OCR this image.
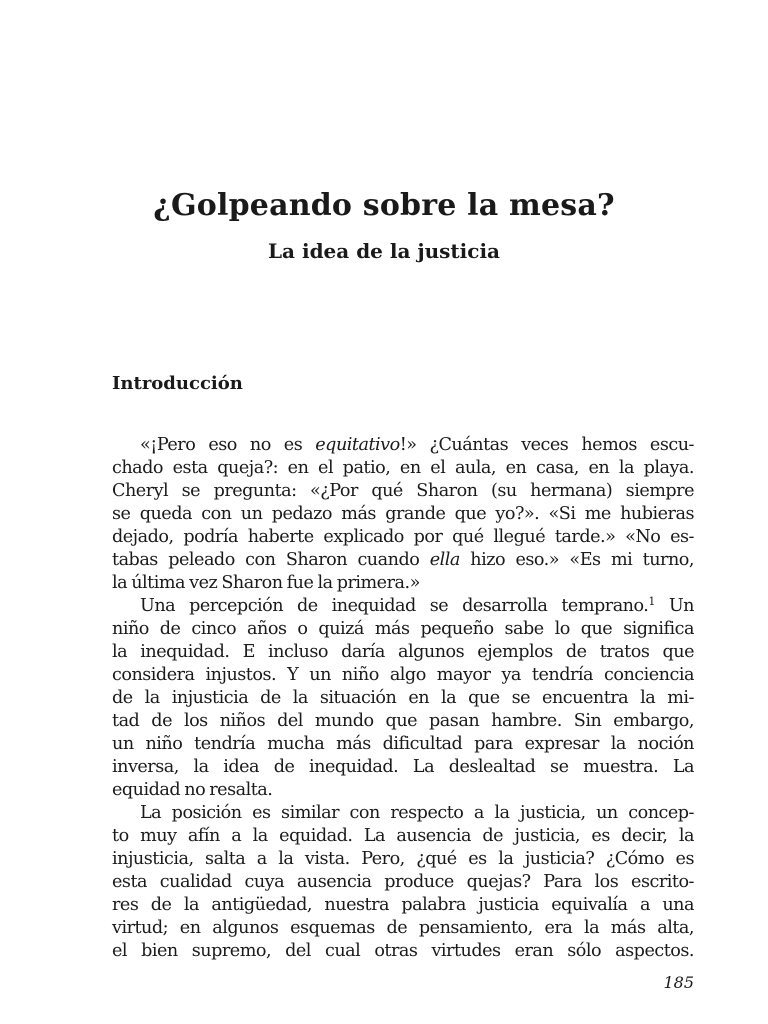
¿Golpeando sobre la mesa?
La idea de la justicia
Introducción
«¡Pero eso no es equitativo!» ¿Cuántas veces hemos escu-
chado esta queja?: en el patio, en el aula, en casa, en la playa.
Cheryl se pregunta: «¿Por qué Sharon (su hermana) siempre
se queda con un pedazo más grande que yo?». «Si me hubieras
dejado, podría haberte explicado por qué llegué tarde.» «No es-
tabas peleado con Sharon cuando ella hizo eso.» «Es mi turno,
la última vez Sharon fue la primera.»
Una percepción de inequidad se desarrolla temprano.$^1$ Un
niño de cinco años o quizá más pequeño sabe lo que significa
la inequidad. E incluso daría algunos ejemplos de tratos que
considera injustos. Y un niño algo mayor ya tendría conciencia
de la injusticia de la situación en la que se encuentra la mi-
tad de los niños del mundo que pasan hambre. Sin embargo,
un niño tendría mucha más dificultad para expresar la noción
inversa, la idea de inequidad. La deslealtad se muestra. La
equidad no resalta.
La posición es similar con respecto a la justicia, un concep-
to muy afín a la equidad. La ausencia de justicia, es decir, la
injusticia, salta a la vista. Pero, ¿qué es la justicia? ¿Cómo es
esta cualidad cuya ausencia produce quejas? Para los escrito-
res de la antigüedad, nuestra palabra justicia equivalía a una
virtud; en algunos esquemas de pensamiento, era la más alta,
el bien supremo, del cual otras virtudes eran sólo aspectos.
185
